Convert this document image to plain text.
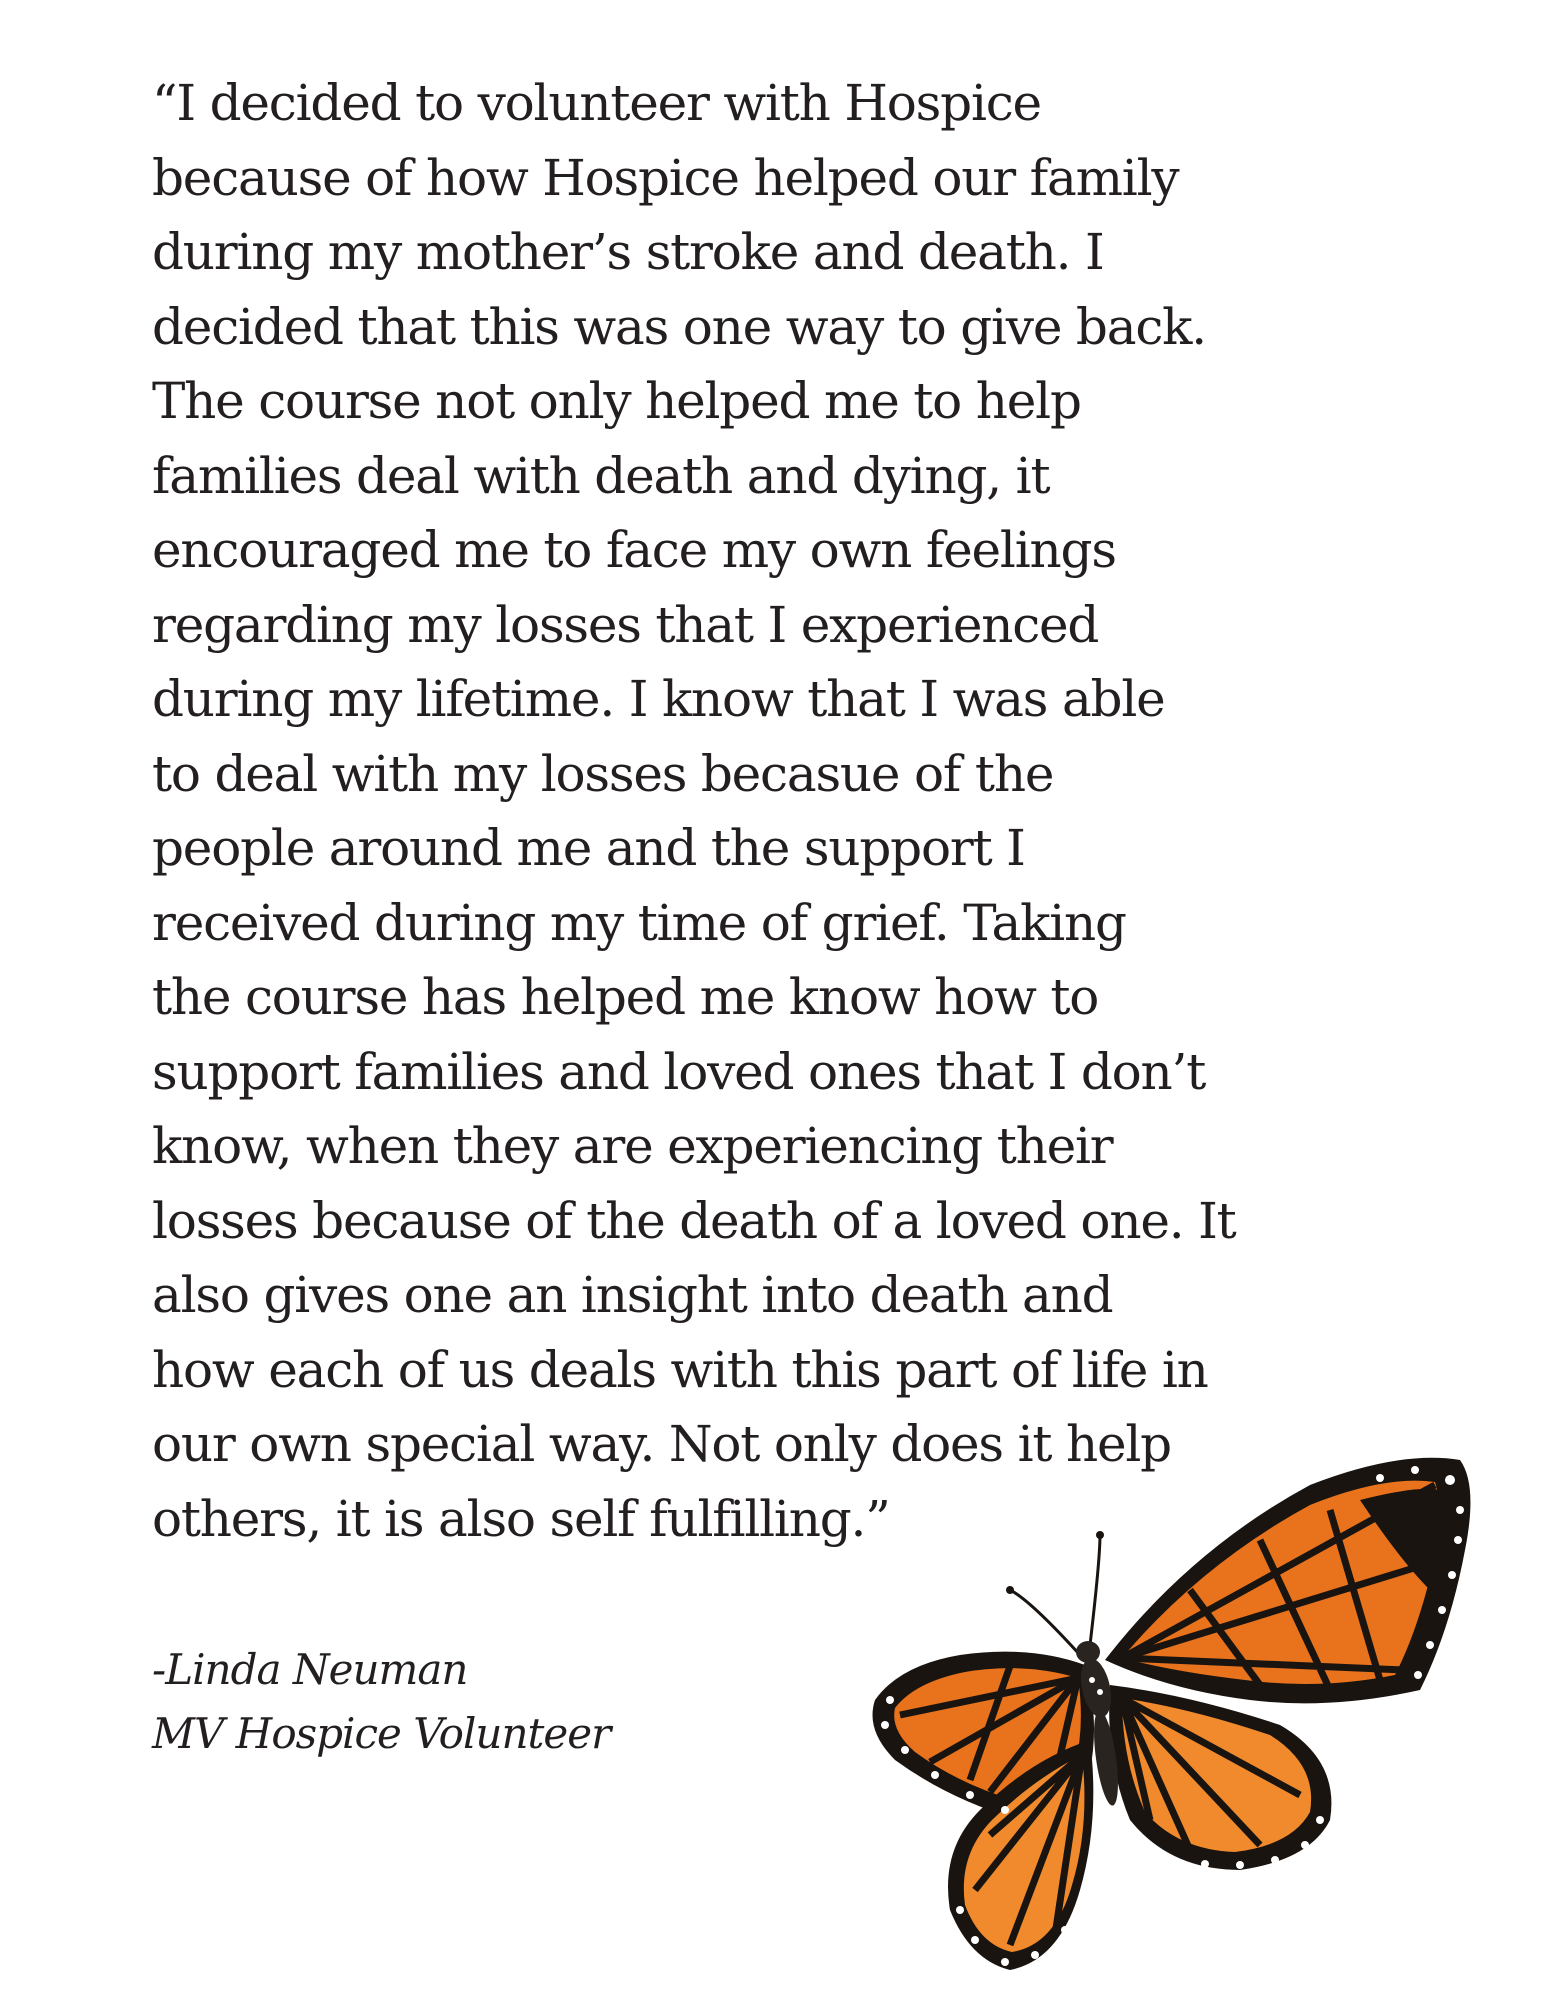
“I decided to volunteer with Hospice
because of how Hospice helped our family
during my mother’s stroke and death. I
decided that this was one way to give back.
The course not only helped me to help
families deal with death and dying, it
encouraged me to face my own feelings
regarding my losses that I experienced
during my lifetime. I know that I was able
to deal with my losses becasue of the
people around me and the support I
received during my time of grief. Taking
the course has helped me know how to
support families and loved ones that I don’t
know, when they are experiencing their
losses because of the death of a loved one. It
also gives one an insight into death and
how each of us deals with this part of life in
our own special way. Not only does it help
others, it is also self fulfilling.”

-Linda Neuman
MV Hospice Volunteer
